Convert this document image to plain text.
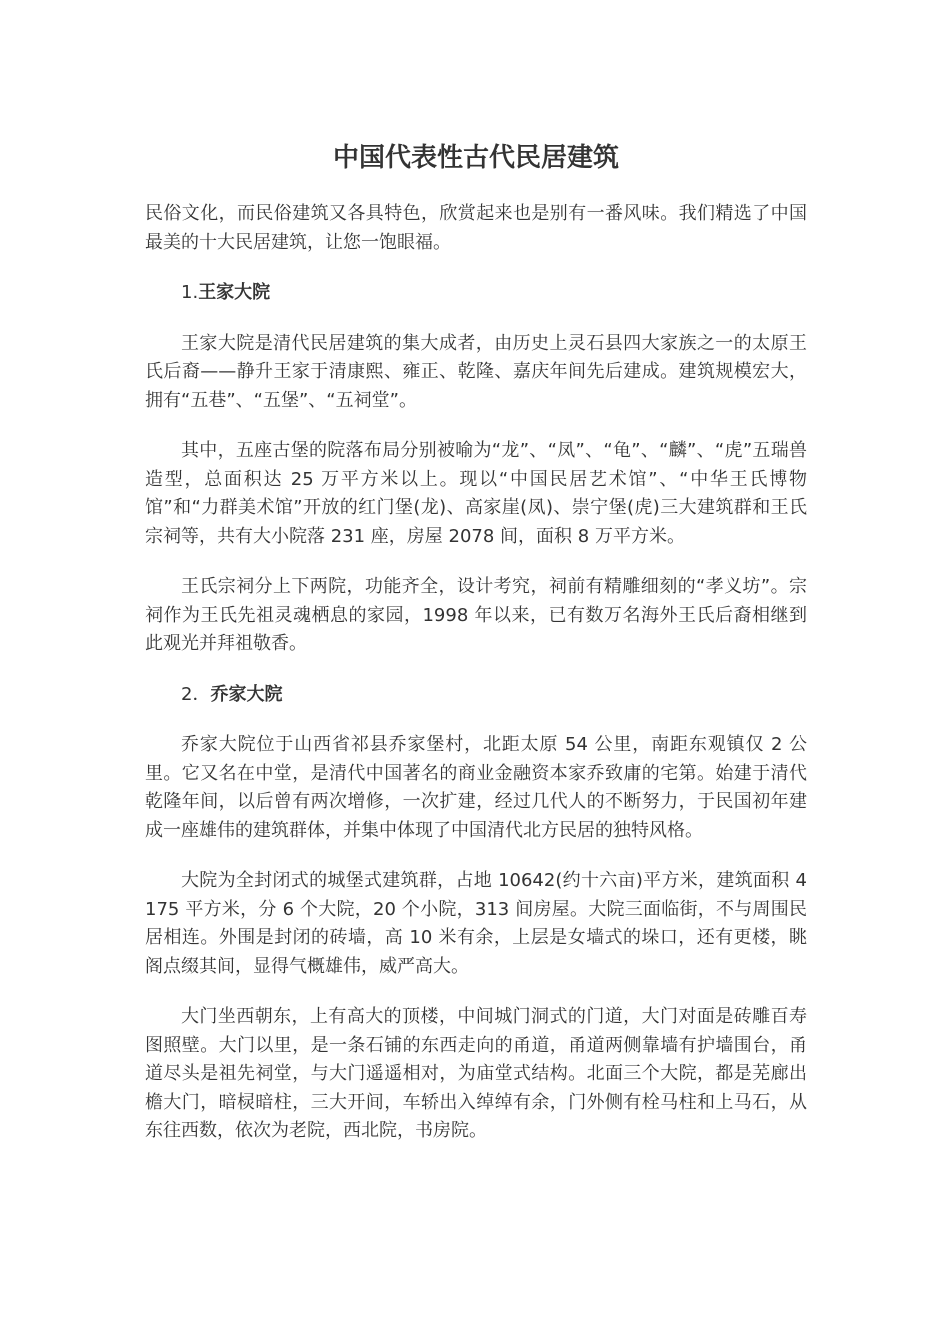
中国代表性古代民居建筑

民俗文化，而民俗建筑又各具特色，欣赏起来也是别有一番风味。我们精选了中国最美的十大民居建筑，让您一饱眼福。

1.王家大院

王家大院是清代民居建筑的集大成者，由历史上灵石县四大家族之一的太原王氏后裔——静升王家于清康熙、雍正、乾隆、嘉庆年间先后建成。建筑规模宏大，拥有“五巷”、“五堡”、“五祠堂”。

其中，五座古堡的院落布局分别被喻为“龙”、“凤”、“龟”、“麟”、“虎”五瑞兽造型，总面积达 25 万平方米以上。现以“中国民居艺术馆”、“中华王氏博物馆”和“力群美术馆”开放的红门堡(龙)、高家崖(凤)、崇宁堡(虎)三大建筑群和王氏宗祠等，共有大小院落 231 座，房屋 2078 间，面积 8 万平方米。

王氏宗祠分上下两院，功能齐全，设计考究，祠前有精雕细刻的“孝义坊”。宗祠作为王氏先祖灵魂栖息的家园，1998 年以来，已有数万名海外王氏后裔相继到此观光并拜祖敬香。

2．乔家大院

乔家大院位于山西省祁县乔家堡村，北距太原 54 公里，南距东观镇仅 2 公里。它又名在中堂，是清代中国著名的商业金融资本家乔致庸的宅第。始建于清代乾隆年间，以后曾有两次增修，一次扩建，经过几代人的不断努力，于民国初年建成一座雄伟的建筑群体，并集中体现了中国清代北方民居的独特风格。

大院为全封闭式的城堡式建筑群，占地 10642(约十六亩)平方米，建筑面积 4175 平方米，分 6 个大院，20 个小院，313 间房屋。大院三面临街，不与周围民居相连。外围是封闭的砖墙，高 10 米有余，上层是女墙式的垛口，还有更楼，眺阁点缀其间，显得气概雄伟，威严高大。

大门坐西朝东，上有高大的顶楼，中间城门洞式的门道，大门对面是砖雕百寿图照壁。大门以里，是一条石铺的东西走向的甬道，甬道两侧靠墙有护墙围台，甬道尽头是祖先祠堂，与大门遥遥相对，为庙堂式结构。北面三个大院，都是芜廊出檐大门，暗棂暗柱，三大开间，车轿出入绰绰有余，门外侧有栓马柱和上马石，从东往西数，依次为老院，西北院，书房院。
